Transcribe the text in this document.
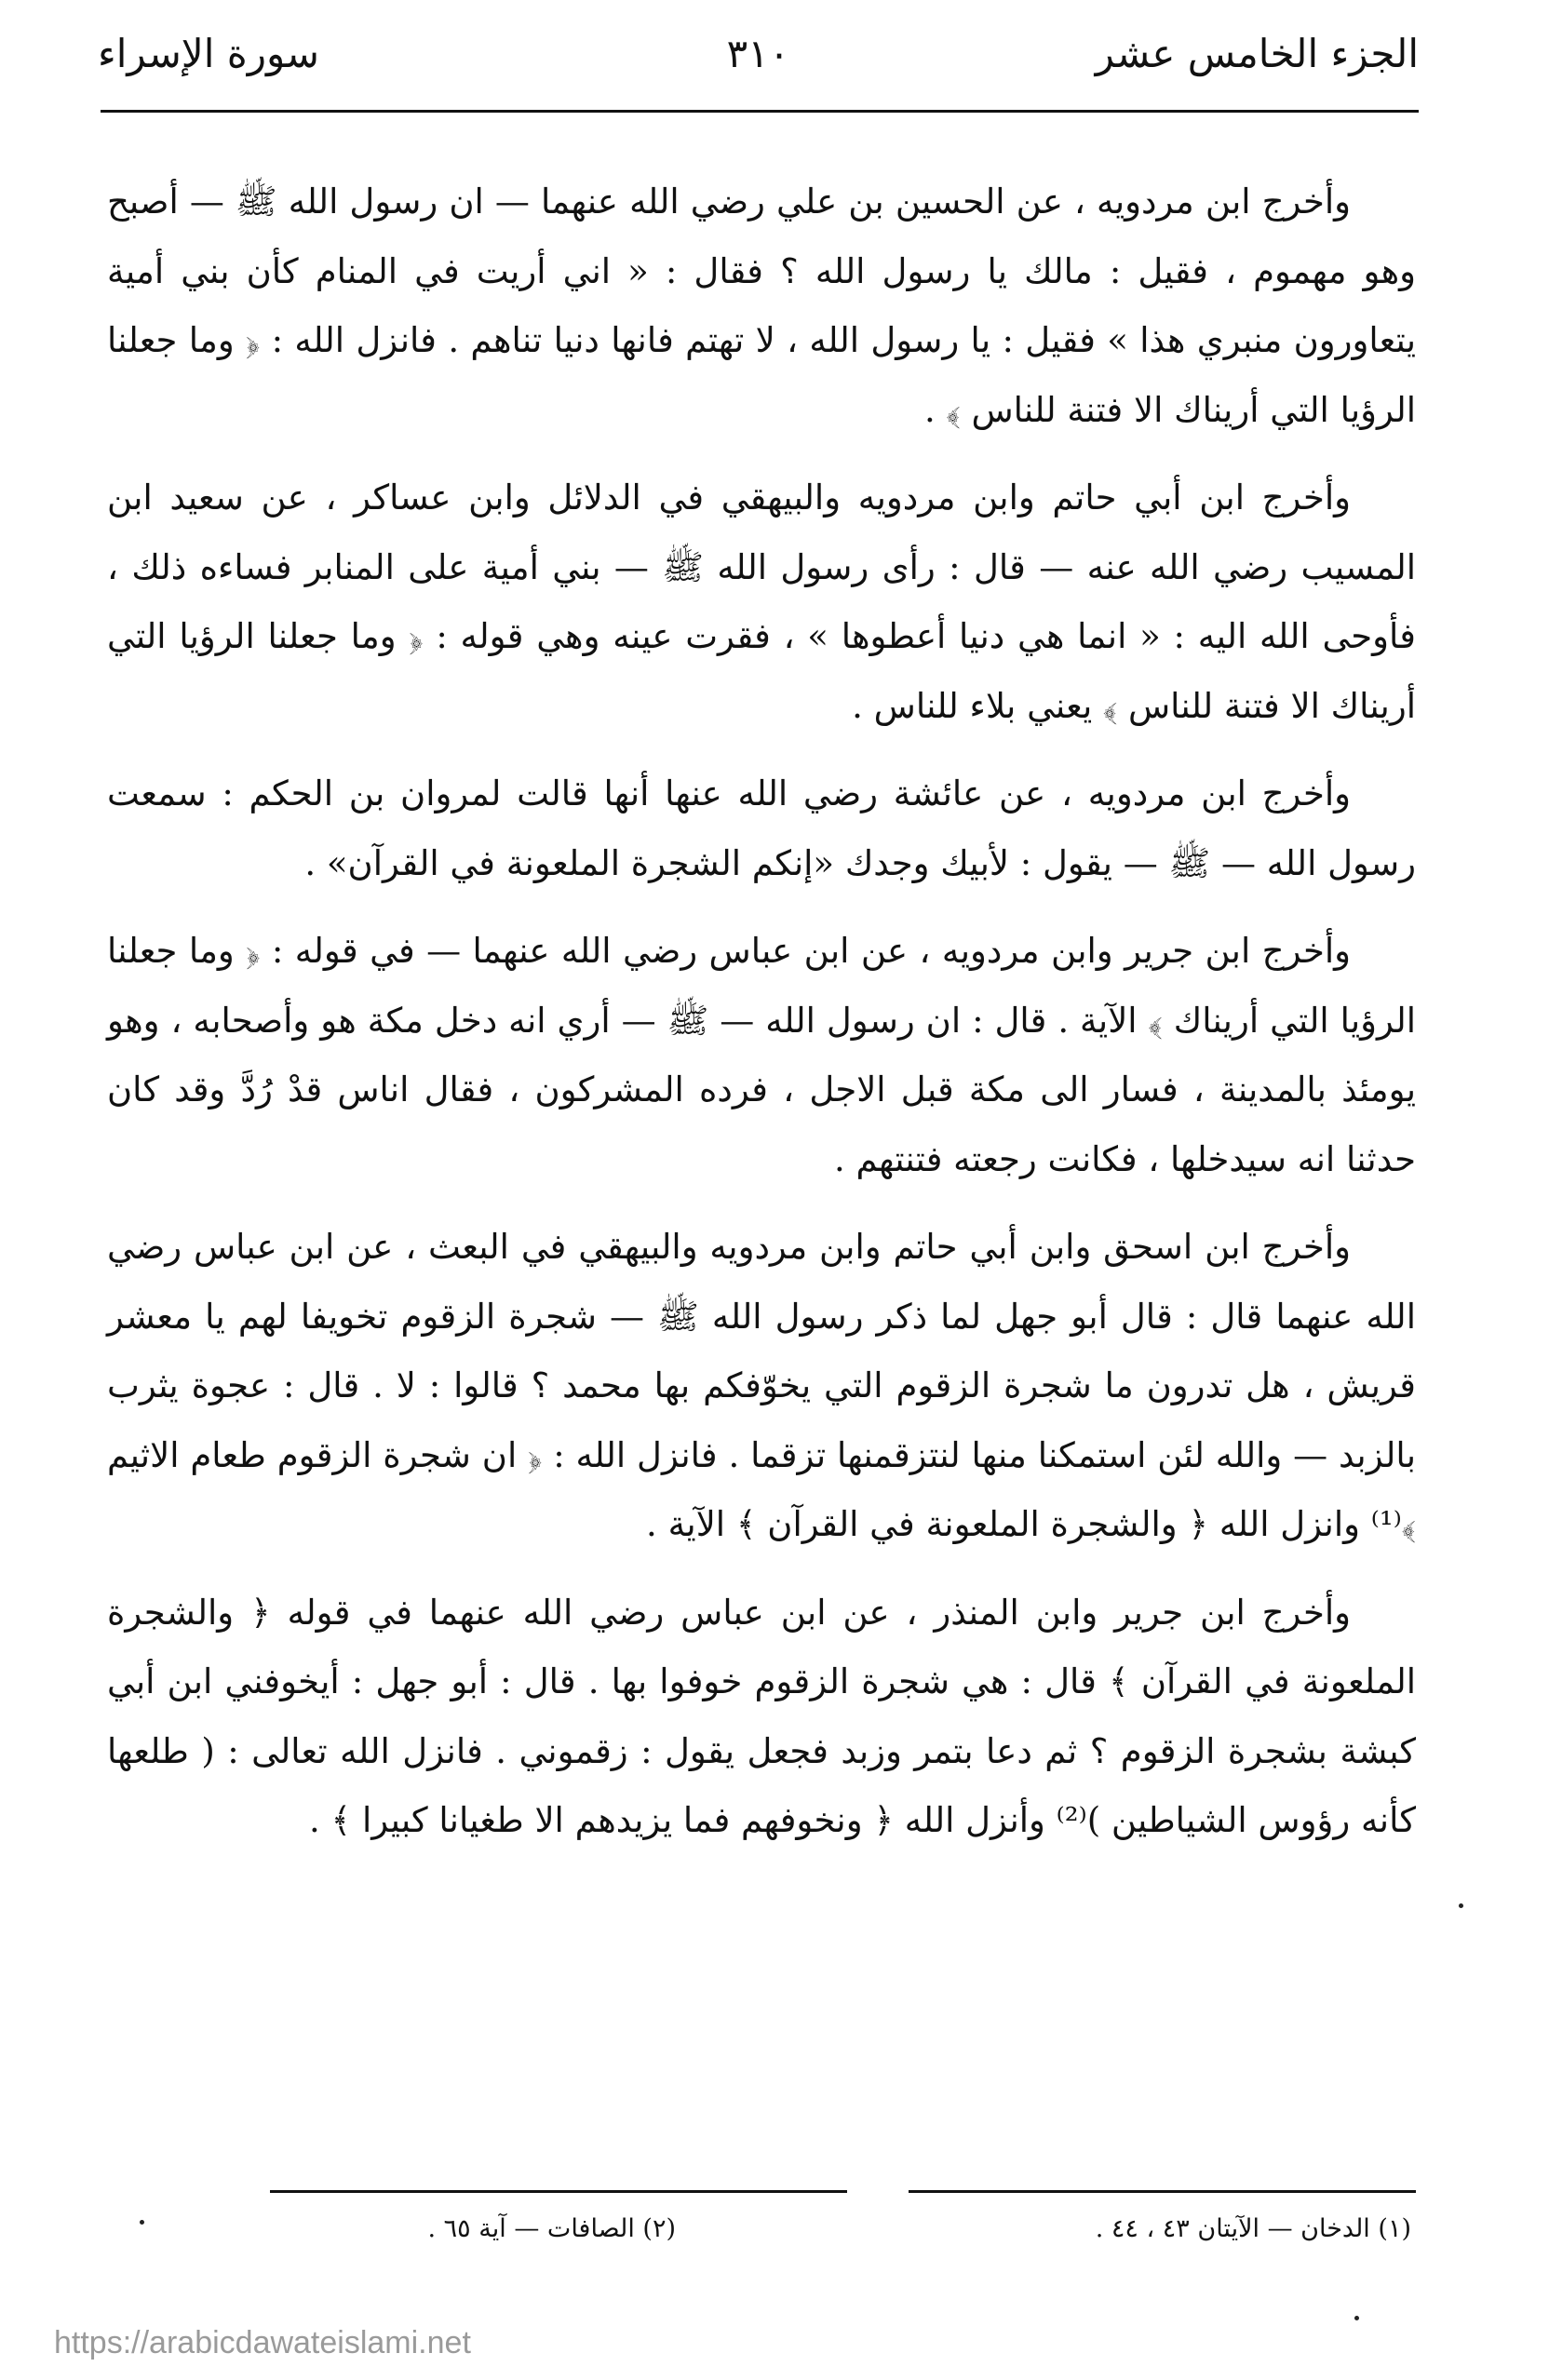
الجزء الخامس عشر
٣١٠
سورة الإسراء

وأخرج ابن مردويه ، عن الحسين بن علي رضي الله عنهما — ان رسول الله ﷺ — أصبح وهو مهموم ، فقيل : مالك يا رسول الله ؟ فقال : « اني أريت في المنام كأن بني أمية يتعاورون منبري هذا » فقيل : يا رسول الله ، لا تهتم فانها دنيا تناهم . فانزل الله : ﴿ وما جعلنا الرؤيا التي أريناك الا فتنة للناس ﴾ .

وأخرج ابن أبي حاتم وابن مردويه والبيهقي في الدلائل وابن عساكر ، عن سعيد ابن المسيب رضي الله عنه — قال : رأى رسول الله ﷺ — بني أمية على المنابر فساءه ذلك ، فأوحى الله اليه : « انما هي دنيا أعطوها » ، فقرت عينه وهي قوله : ﴿ وما جعلنا الرؤيا التي أريناك الا فتنة للناس ﴾ يعني بلاء للناس .

وأخرج ابن مردويه ، عن عائشة رضي الله عنها أنها قالت لمروان بن الحكم : سمعت رسول الله — ﷺ — يقول : لأبيك وجدك «إنكم الشجرة الملعونة في القرآن» .

وأخرج ابن جرير وابن مردويه ، عن ابن عباس رضي الله عنهما — في قوله : ﴿ وما جعلنا الرؤيا التي أريناك ﴾ الآية . قال : ان رسول الله — ﷺ — أري انه دخل مكة هو وأصحابه ، وهو يومئذ بالمدينة ، فسار الى مكة قبل الاجل ، فرده المشركون ، فقال اناس قدْ رُدَّ وقد كان حدثنا انه سيدخلها ، فكانت رجعته فتنتهم .

وأخرج ابن اسحق وابن أبي حاتم وابن مردويه والبيهقي في البعث ، عن ابن عباس رضي الله عنهما قال : قال أبو جهل لما ذكر رسول الله ﷺ — شجرة الزقوم تخويفا لهم يا معشر قريش ، هل تدرون ما شجرة الزقوم التي يخوّفكم بها محمد ؟ قالوا : لا . قال : عجوة يثرب بالزبد — والله لئن استمكنا منها لنتزقمنها تزقما . فانزل الله : ﴿ ان شجرة الزقوم طعام الاثيم ﴾⁽¹⁾ وانزل الله ﴿ والشجرة الملعونة في القرآن ﴾ الآية .

وأخرج ابن جرير وابن المنذر ، عن ابن عباس رضي الله عنهما في قوله ﴿ والشجرة الملعونة في القرآن ﴾ قال : هي شجرة الزقوم خوفوا بها . قال : أبو جهل : أيخوفني ابن أبي كبشة بشجرة الزقوم ؟ ثم دعا بتمر وزبد فجعل يقول : زقموني . فانزل الله تعالى : ( طلعها كأنه رؤوس الشياطين )⁽²⁾ وأنزل الله ﴿ ونخوفهم فما يزيدهم الا طغيانا كبيرا ﴾ .

(١) الدخان — الآيتان ٤٣ ، ٤٤ .
(٢) الصافات — آية ٦٥ .
https://arabicdawateislami.net
